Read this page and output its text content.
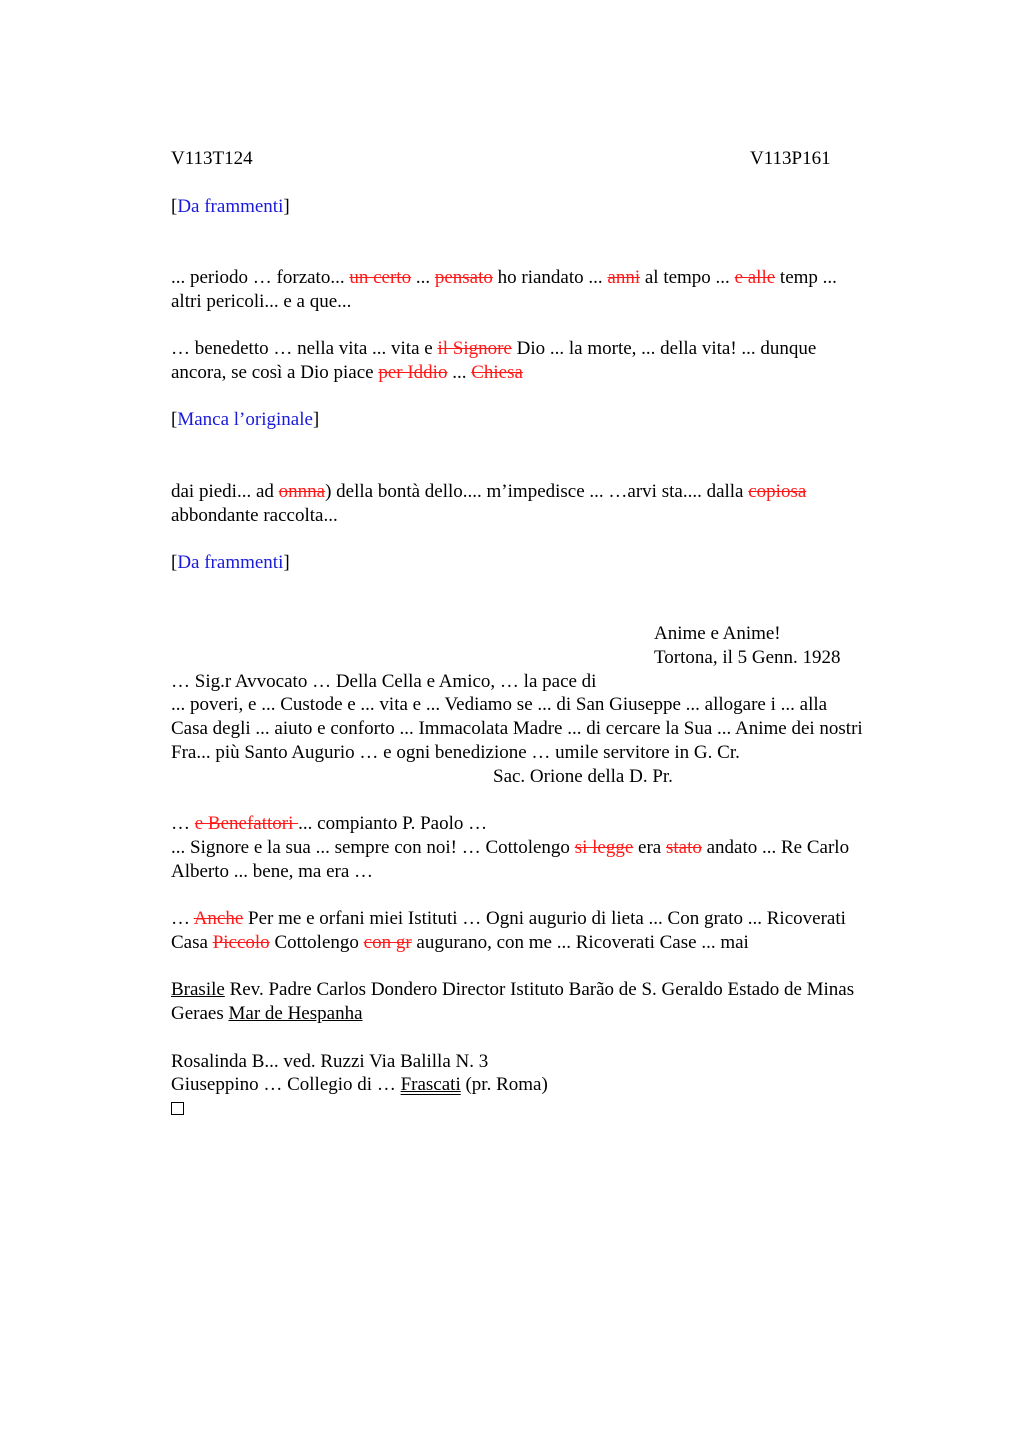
V113T124	V113P161
[Da frammenti]
... periodo … forzato... un certo ... pensato ho riandato ... anni al tempo ... e alle temp ...
altri pericoli... e a que...
… benedetto … nella vita ... vita e il Signore Dio ... la morte, ... della vita! ... dunque
ancora, se così a Dio piace per Iddio ... Chiesa
[Manca l’originale]
dai piedi... ad onnna) della bontà dello.... m’impedisce ... …arvi sta.... dalla copiosa
abbondante raccolta...
[Da frammenti]
Anime e Anime!
Tortona, il 5 Genn. 1928
… Sig.r Avvocato … Della Cella e Amico, … la pace di
... poveri, e ... Custode e ... vita e ... Vediamo se ... di San Giuseppe ... allogare i ... alla
Casa degli ... aiuto e conforto ... Immacolata Madre ... di cercare la Sua ... Anime dei nostri
Fra... più Santo Augurio … e ogni benedizione … umile servitore in G. Cr.
Sac. Orione della D. Pr.
… e Benefattori ... compianto P. Paolo …
... Signore e la sua ... sempre con noi! … Cottolengo si legge era stato andato ... Re Carlo
Alberto ... bene, ma era …
… Anche Per me e orfani miei Istituti … Ogni augurio di lieta ... Con grato ... Ricoverati
Casa Piccolo Cottolengo con gr augurano, con me ... Ricoverati Case ... mai
Brasile Rev. Padre Carlos Dondero Director Istituto Barão de S. Geraldo Estado de Minas
Geraes Mar de Hespanha
Rosalinda B... ved. Ruzzi Via Balilla N. 3
Giuseppino … Collegio di … Frascati (pr. Roma)
